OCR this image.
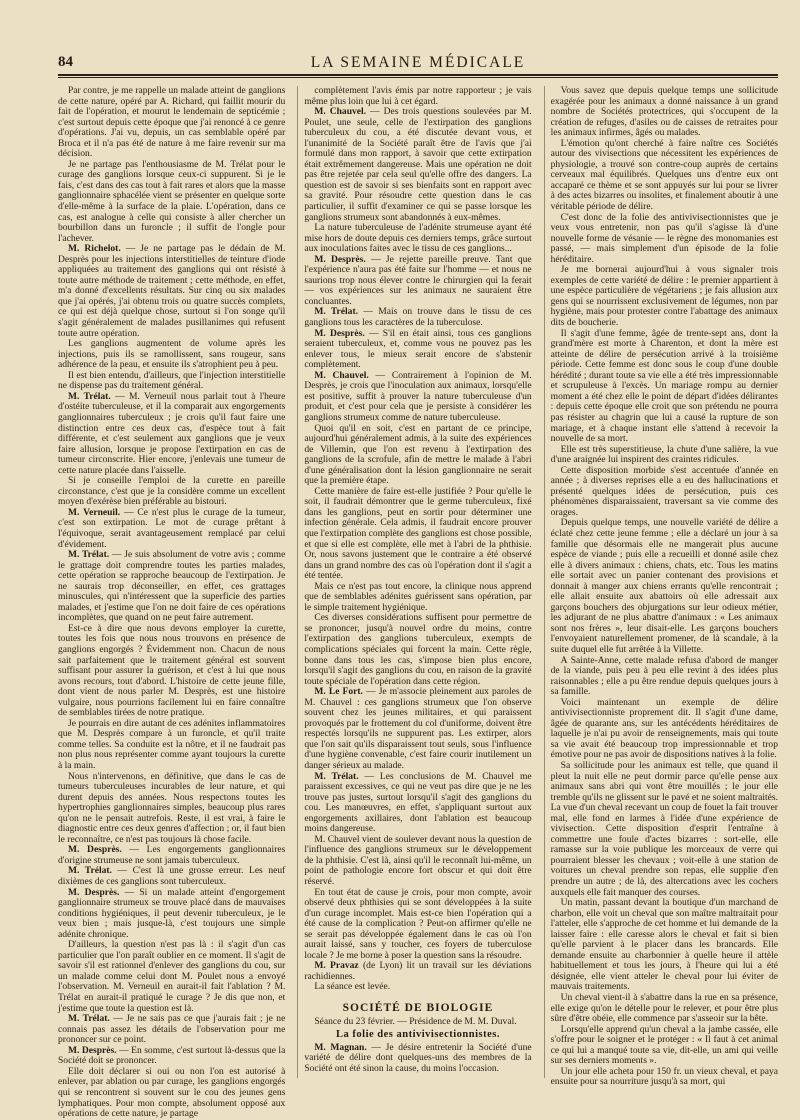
84	LA SEMAINE MÉDICALE

Par contre, je me rappelle un malade atteint de ganglions de cette nature, opéré par A. Richard, qui faillit mourir du fait de l'opération, et mourut le lendemain de septicémie ; c'est surtout depuis cette époque que j'ai renoncé à ce genre d'opérations. J'ai vu, depuis, un cas semblable opéré par Broca et il n'a pas été de nature à me faire revenir sur ma décision.

Je ne partage pas l'enthousiasme de M. Trélat pour le curage des ganglions lorsque ceux-ci suppurent. Si je le fais, c'est dans des cas tout à fait rares et alors que la masse ganglionnaire sphacélée vient se présenter en quelque sorte d'elle-même à la surface de la plaie. L'opération, dans ce cas, est analogue à celle qui consiste à aller chercher un bourbillon dans un furoncle ; il suffit de l'ongle pour l'achever.

M. Richelot. — Je ne partage pas le dédain de M. Desprès pour les injections interstitielles de teinture d'iode appliquées au traitement des ganglions qui ont résisté à toute autre méthode de traitement ; cette méthode, en effet, m'a donné d'excellents résultats. Sur cinq ou six malades que j'ai opérés, j'ai obtenu trois ou quatre succès complets, ce qui est déjà quelque chose, surtout si l'on songe qu'il s'agit généralement de malades pusillanimes qui refusent toute autre opération.

Les ganglions augmentent de volume après les injections, puis ils se ramollissent, sans rougeur, sans adhérence de la peau, et ensuite ils s'atrophient peu à peu.

Il est bien entendu, d'ailleurs, que l'injection interstitielle ne dispense pas du traitement général.

M. Trélat. — M. Verneuil nous parlait tout à l'heure d'ostéite tuberculeuse, et il la comparait aux engorgements ganglionnaires tuberculeux ; je crois qu'il faut faire une distinction entre ces deux cas, d'espèce tout à fait différente, et c'est seulement aux ganglions que je veux faire allusion, lorsque je propose l'extirpation en cas de tumeur circonscrite. Hier encore, j'enlevais une tumeur de cette nature placée dans l'aisselle.

Si je conseille l'emploi de la curette en pareille circonstance, c'est que je la considère comme un excellent moyen d'exérèse bien préférable au bistouri.

M. Verneuil. — Ce n'est plus le curage de la tumeur, c'est son extirpation. Le mot de curage prêtant à l'équivoque, serait avantageusement remplacé par celui d'évidement.

M. Trélat. — Je suis absolument de votre avis ; comme le grattage doit comprendre toutes les parties malades, cette opération se rapproche beaucoup de l'extirpation. Je ne saurais trop déconseiller, en effet, ces grattages minuscules, qui n'intéressent que la superficie des parties malades, et j'estime que l'on ne doit faire de ces opérations incomplètes, que quand on ne peut faire autrement.

Est-ce à dire que nous devons employer la curette, toutes les fois que nous nous trouvons en présence de ganglions engorgés ? Évidemment non. Chacun de nous sait parfaitement que le traitement général est souvent suffisant pour assurer la guérison, et c'est à lui que nous avons recours, tout d'abord. L'histoire de cette jeune fille, dont vient de nous parler M. Desprès, est une histoire vulgaire, nous pourrions facilement lui en faire connaître de semblables tirées de notre pratique.

Je pourrais en dire autant de ces adénites inflammatoires que M. Desprès compare à un furoncle, et qu'il traite comme telles. Sa conduite est la nôtre, et il ne faudrait pas non plus nous représenter comme ayant toujours la curette à la main.

Nous n'intervenons, en définitive, que dans le cas de tumeurs tuberculeuses incurables de leur nature, et qui durent depuis des années. Nous respectons toutes les hypertrophies ganglionnaires simples, beaucoup plus rares qu'on ne le pensait autrefois. Reste, il est vrai, à faire le diagnostic entre ces deux genres d'affection ; or, il faut bien le reconnaître, ce n'est pas toujours là chose facile.

M. Desprès. — Les engorgements ganglionnaires d'origine strumeuse ne sont jamais tuberculeux.

M. Trélat. — C'est là une grosse erreur. Les neuf dixièmes de ces ganglions sont tuberculeux.

M. Desprès. — Si un malade atteint d'engorgement ganglionnaire strumeux se trouve placé dans de mauvaises conditions hygiéniques, il peut devenir tuberculeux, je le veux bien ; mais jusque-là, c'est toujours une simple adénite chronique.

D'ailleurs, la question n'est pas là : il s'agit d'un cas particulier que l'on paraît oublier en ce moment. Il s'agit de savoir s'il est rationnel d'enlever des ganglions du cou, sur un malade comme celui dont M. Poulet nous a envoyé l'observation. M. Verneuil en aurait-il fait l'ablation ? M. Trélat en aurait-il pratiqué le curage ? Je dis que non, et j'estime que toute la question est là.

M. Trélat. — Je ne sais pas ce que j'aurais fait ; je ne connais pas assez les détails de l'observation pour me prononcer sur ce point.

M. Desprès. — En somme, c'est surtout là-dessus que la Société doit se prononcer.

Elle doit déclarer si oui ou non l'on est autorisé à enlever, par ablation ou par curage, les ganglions engorgés qui se rencontrent si souvent sur le cou des jeunes gens lymphatiques. Pour mon compte, absolument opposé aux opérations de cette nature, je partage

complètement l'avis émis par notre rapporteur ; je vais même plus loin que lui à cet égard.

M. Chauvel. — Des trois questions soulevées par M. Poulet, une seule, celle de l'extirpation des ganglions tuberculeux du cou, a été discutée devant vous, et l'unanimité de la Société paraît être de l'avis que j'ai formulé dans mon rapport, à savoir que cette extirpation était extrêmement dangereuse. Mais une opération ne doit pas être rejetée par cela seul qu'elle offre des dangers. La question est de savoir si ses bienfaits sont en rapport avec sa gravité. Pour résoudre cette question dans le cas particulier, il suffit d'examiner ce qui se passe lorsque les ganglions strumeux sont abandonnés à eux-mêmes.

La nature tuberculeuse de l'adénite strumeuse ayant été mise hors de doute depuis ces derniers temps, grâce surtout aux inoculations faites avec le tissu de ces ganglions...

M. Desprès. — Je rejette pareille preuve. Tant que l'expérience n'aura pas été faite sur l'homme — et nous ne saurions trop nous élever contre le chirurgien qui la ferait — vos expériences sur les animaux ne sauraient être concluantes.

M. Trélat. — Mais on trouve dans le tissu de ces ganglions tous les caractères de la tuberculose.

M. Desprès. — S'il en était ainsi, tous ces ganglions seraient tuberculeux, et, comme vous ne pouvez pas les enlever tous, le mieux serait encore de s'abstenir complètement.

M. Chauvel. — Contrairement à l'opinion de M. Desprès, je crois que l'inoculation aux animaux, lorsqu'elle est positive, suffit à prouver la nature tuberculeuse d'un produit, et c'est pour cela que je persiste à considérer les ganglions strumeux comme de nature tuberculeuse.

Quoi qu'il en soit, c'est en partant de ce principe, aujourd'hui généralement admis, à la suite des expériences de Villemin, que l'on est revenu à l'extirpation des ganglions de la scrofule, afin de mettre le malade à l'abri d'une généralisation dont la lésion ganglionnaire ne serait que la première étape.

Cette manière de faire est-elle justifiée ? Pour qu'elle le soit, il faudrait démontrer que le germe tuberculeux, fixé dans les ganglions, peut en sortir pour déterminer une infection générale. Cela admis, il faudrait encore prouver que l'extirpation complète des ganglions est chose possible, et que si elle est complète, elle met à l'abri de la phthisie. Or, nous savons justement que le contraire a été observé dans un grand nombre des cas où l'opération dont il s'agit a été tentée.

Mais ce n'est pas tout encore, la clinique nous apprend que de semblables adénites guérissent sans opération, par le simple traitement hygiénique.

Ces diverses considérations suffisent pour permettre de se prononcer, jusqu'à nouvel ordre du moins, contre l'extirpation des ganglions tuberculeux, exempts de complications spéciales qui forcent la main. Cette règle, bonne dans tous les cas, s'impose bien plus encore, lorsqu'il s'agit des ganglions du cou, en raison de la gravité toute spéciale de l'opération dans cette région.

M. Le Fort. — Je m'associe pleinement aux paroles de M. Chauvel : ces ganglions strumeux que l'on observe souvent chez les jeunes militaires, et qui paraissent provoqués par le frottement du col d'uniforme, doivent être respectés lorsqu'ils ne suppurent pas. Les extirper, alors que l'on sait qu'ils disparaissent tout seuls, sous l'influence d'une hygiène convenable, c'est faire courir inutilement un danger sérieux au malade.

M. Trélat. — Les conclusions de M. Chauvel me paraissent excessives, ce qui ne veut pas dire que je ne les trouve pas justes, surtout lorsqu'il s'agit des ganglions du cou. Les manœuvres, en effet, s'appliquant surtout aux engorgements axillaires, dont l'ablation est beaucoup moins dangereuse.

M. Chauvel vient de soulever devant nous la question de l'influence des ganglions strumeux sur le développement de la phthisie. C'est là, ainsi qu'il le reconnaît lui-même, un point de pathologie encore fort obscur et qui doit être réservé.

En tout état de cause je crois, pour mon compte, avoir observé deux phthisies qui se sont développées à la suite d'un curage incomplet. Mais est-ce bien l'opération qui a été cause de la complication ? Peut-on affirmer qu'elle ne se serait pas développée également dans le cas où l'on aurait laissé, sans y toucher, ces foyers de tuberculose locale ? Je me borne à poser la question sans la résoudre.

M. Pravaz (de Lyon) lit un travail sur les déviations rachidiennes.

La séance est levée.

SOCIÉTÉ DE BIOLOGIE

Séance du 23 février. — Présidence de M. M. Duval.

La folie des antivivisectionnistes.

M. Magnan. — Je désire entretenir la Société d'une variété de délire dont quelques-uns des membres de la Société ont été sinon la cause, du moins l'occasion.

Vous savez que depuis quelque temps une sollicitude exagérée pour les animaux a donné naissance à un grand nombre de Sociétés protectrices, qui s'occupent de la création de refuges, d'asiles ou de caisses de retraites pour les animaux infirmes, âgés ou malades.

L'émotion qu'ont cherché à faire naître ces Sociétés autour des vivisections que nécessitent les expériences de physiologie, a trouvé son contre-coup auprès de certains cerveaux mal équilibrés. Quelques uns d'entre eux ont accaparé ce thème et se sont appuyés sur lui pour se livrer à des actes bizarres ou insolites, et finalement aboutir à une véritable période de délire.

C'est donc de la folie des antivivisectionnistes que je veux vous entretenir, non pas qu'il s'agisse là d'une nouvelle forme de vésanie — le règne des monomanies est passé, — mais simplement d'un épisode de la folie héréditaire.

Je me bornerai aujourd'hui à vous signaler trois exemples de cette variété de délire : le premier appartient à une espèce particulière de végétariens ; je fais allusion aux gens qui se nourrissent exclusivement de légumes, non par hygiène, mais pour protester contre l'abattage des animaux dits de boucherie.

Il s'agit d'une femme, âgée de trente-sept ans, dont la grand'mère est morte à Charenton, et dont la mère est atteinte de délire de persécution arrivé à la troisième période. Cette femme est donc sous le coup d'une double hérédité ; durant toute sa vie elle a été très impressionnable et scrupuleuse à l'excès. Un mariage rompu au dernier moment a été chez elle le point de départ d'idées délirantes : depuis cette époque elle croit que son prétendu ne pourra pas résister au chagrin que lui a causé la rupture de son mariage, et à chaque instant elle s'attend à recevoir la nouvelle de sa mort.

Elle est très superstitieuse, la chute d'une salière, la vue d'une araignée lui inspirent des craintes ridicules.

Cette disposition morbide s'est accentuée d'année en année ; à diverses reprises elle a eu des hallucinations et présenté quelques idées de persécution, puis ces phénomènes disparaissaient, traversant sa vie comme des orages.

Depuis quelque temps, une nouvelle variété de délire a éclaté chez cette jeune femme ; elle a déclaré un jour à sa famille que désormais elle ne mangerait plus aucune espèce de viande ; puis elle a recueilli et donné asile chez elle à divers animaux : chiens, chats, etc. Tous les matins elle sortait avec un panier contenant des provisions et donnait à manger aux chiens errants qu'elle rencontrait ; elle allait ensuite aux abattoirs où elle adressait aux garçons bouchers des objurgations sur leur odieux métier, les adjurant de ne plus abattre d'animaux : « Les animaux sont nos frères », leur disait-elle. Les garçons bouchers l'envoyaient naturellement promener, de là scandale, à la suite duquel elle fut arrêtée à la Villette.

A Sainte-Anne, cette malade refusa d'abord de manger de la viande, puis peu à peu elle revint à des idées plus raisonnables ; elle a pu être rendue depuis quelques jours à sa famille.

Voici maintenant un exemple de délire antivivisectionniste proprement dit. Il s'agit d'une dame, âgée de quarante ans, sur les antécédents héréditaires de laquelle je n'ai pu avoir de renseignements, mais qui toute sa vie avait été beaucoup trop impressionnable et trop émotive pour ne pas avoir de dispositions natives à la folie.

Sa sollicitude pour les animaux est telle, que quand il pleut la nuit elle ne peut dormir parce qu'elle pense aux animaux sans abri qui vont être mouillés ; le jour elle tremble qu'ils ne glissent sur le pavé et ne soient maltraités. La vue d'un cheval recevant un coup de fouet la fait trouver mal, elle fond en larmes à l'idée d'une expérience de vivisection. Cette disposition d'esprit l'entraîne à commettre une foule d'actes bizarres : sort-elle, elle ramasse sur la voie publique les morceaux de verre qui pourraient blesser les chevaux ; voit-elle à une station de voitures un cheval prendre son repas, elle supplie d'en prendre un autre ; de là, des altercations avec les cochers auxquels elle fait manquer des courses.

Un matin, passant devant la boutique d'un marchand de charbon, elle voit un cheval que son maître maltraitait pour l'atteler, elle s'approche de cet homme et lui demande de la laisser faire : elle caresse alors le cheval et fait si bien qu'elle parvient à le placer dans les brancards. Elle demande ensuite au charbonnier à quelle heure il attèle habituellement et tous les jours, à l'heure qui lui a été désignée, elle vient atteler le cheval pour lui éviter de mauvais traitements.

Un cheval vient-il à s'abattre dans la rue en sa présence, elle exige qu'on le dételle pour le relever, et pour être plus sûre d'être obéie, elle commence par s'asseoir sur la bête.

Lorsqu'elle apprend qu'un cheval a la jambe cassée, elle s'offre pour le soigner et le protéger : « Il faut à cet animal ce qui lui a manqué toute sa vie, dit-elle, un ami qui veille sur ses derniers moments ».

Un jour elle acheta pour 150 fr. un vieux cheval, et paya ensuite pour sa nourriture jusqu'à sa mort, qui
